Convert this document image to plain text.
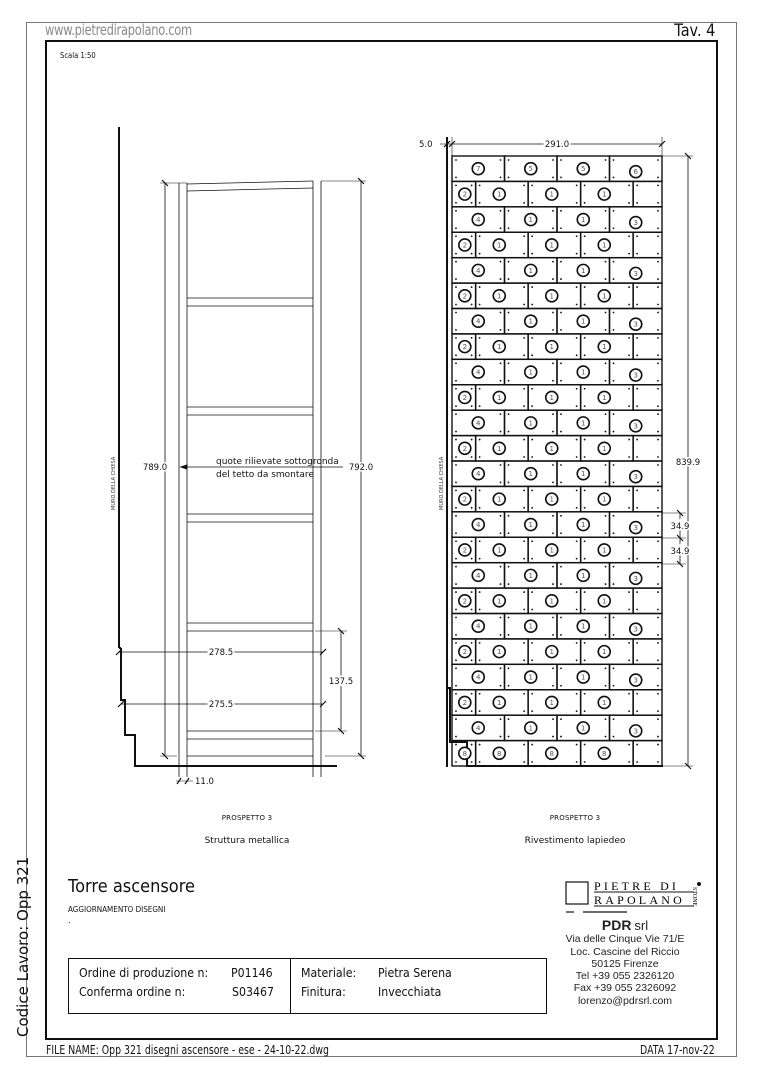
www.pietredirapolano.com	Tav. 4
Scala 1:50
MURO DELLA CHIESA	789.0	792.0
quote rilievate sottogronda
del tetto da smontare
278.5
275.5
137.5
11.0
PROSPETTO 3
Struttura metallica
7	5	5	6
2	1	1	1
4	1	1	3
2	1	1	1
4	1	1	3
2	1	1	1
4	1	1	3
2	1	1	1
4	1	1	3
2	1	1	1
4	1	1	3
2	1	1	1
4	1	1	3
2	1	1	1
4	1	1	3
2	1	1	1
4	1	1	3
2	1	1	1
4	1	1	3
2	1	1	1
4	1	1	3
2	1	1	1
4	1	1	3
8	8	8	8
MURO DELLA CHIESA
5.0	291.0
839.9
34.9
34.9
PROSPETTO 3
Rivestimento lapiedeo
PIETRE DI
RAPOLANO STONE
Torre ascensore
AGGIORNAMENTO DISEGNI
.
Ordine di produzione n: P01146
Conferma ordine n:	S03467
Materiale: Pietra Serena
Finitura:	Invecchiata
PDR srl
Via delle Cinque Vie 71/E
Loc. Cascine del Riccio
50125 Firenze
Tel +39 055 2326120
Fax +39 055 2326092
lorenzo@pdrsrl.com
Codice Lavoro: Opp 321
FILE NAME: Opp 321 disegni ascensore - ese - 24-10-22.dwg	DATA 17-nov-22
